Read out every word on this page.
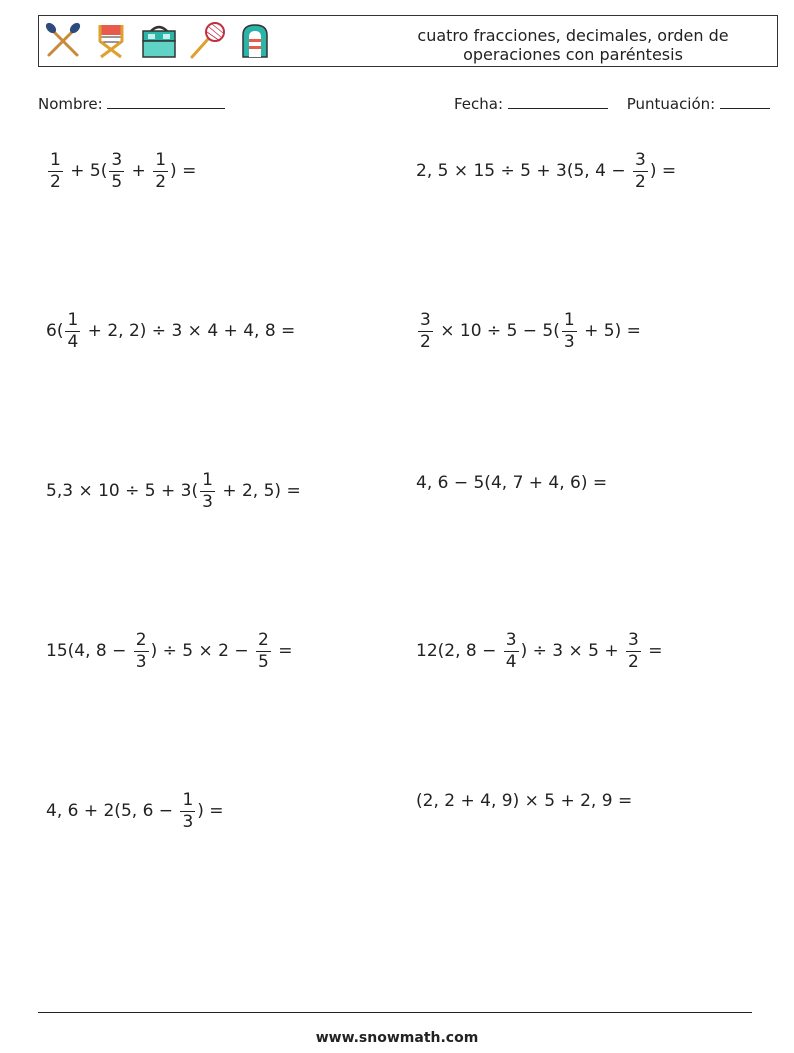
cuatro fracciones, decimales, orden de
operaciones con paréntesis
Nombre:	Fecha:	Puntuación:
$\frac{1}{2} + 5( \frac{3}{5} + \frac{1}{2}$ ) =	2, 5 × 15 ÷ 5 + 3(5, $4 - \frac{3}{2}$ ) =
$6( \frac{1}{4} + 2$, 2) ÷ 3 × 4 + 4, 8 =	$\frac{3}{2} \times 10 \div 5 - 5( \frac{1}{3} + 5)$ =
$5,3 \times 10 \div 5 + 3( \frac{1}{3} + 2$, 5) =	4, 6 − 5(4, 7 + 4, 6) =
15(4, $8 - \frac{2}{3}$ ) ÷ $5 \times 2 - \frac{2}{5}$ =	12(2, $8 - \frac{3}{4}$ ) ÷ $3 \times 5 + \frac{3}{2}$ =
4, 6 + 2(5, $6 - \frac{1}{3}$ ) =	(2, 2 + 4, 9) × 5 + 2, 9 =
www.snowmath.com
